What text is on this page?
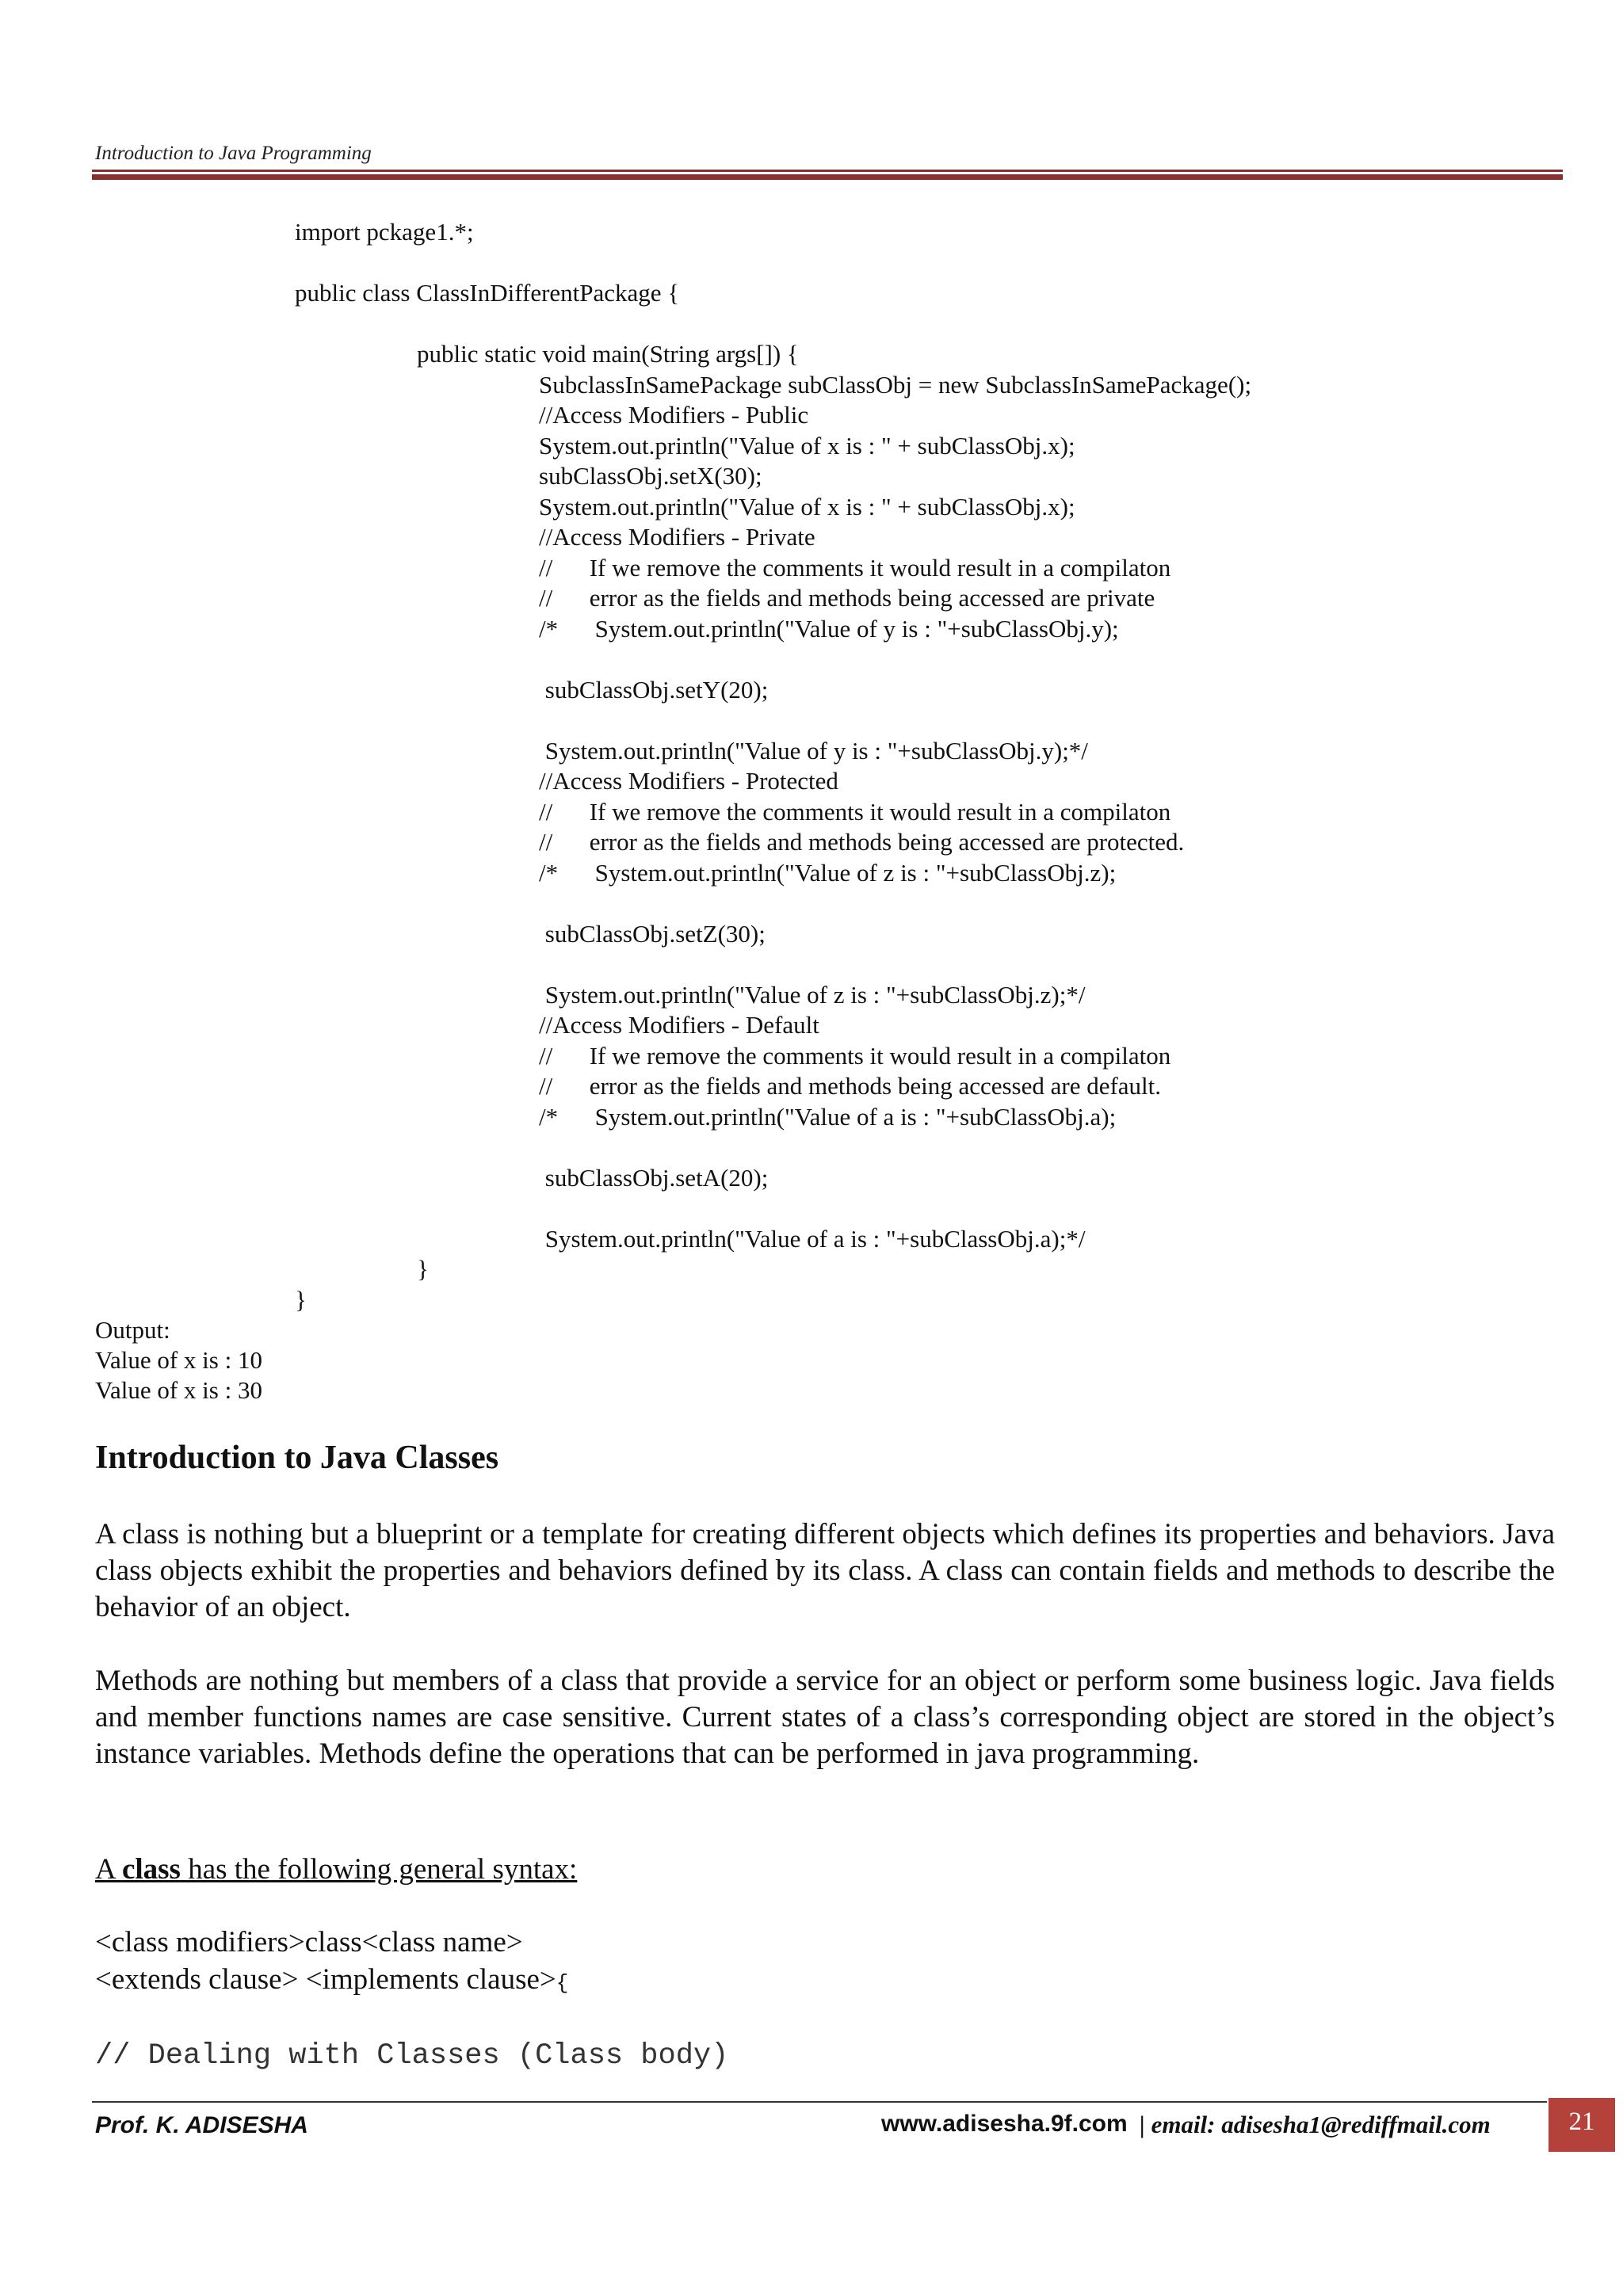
Introduction to Java Programming
import pckage1.*;
public class ClassInDifferentPackage {
public static void main(String args[]) {
SubclassInSamePackage subClassObj = new SubclassInSamePackage();
//Access Modifiers - Public
System.out.println("Value of x is : " + subClassObj.x);
subClassObj.setX(30);
System.out.println("Value of x is : " + subClassObj.x);
//Access Modifiers - Private
//      If we remove the comments it would result in a compilaton
//      error as the fields and methods being accessed are private
/*      System.out.println("Value of y is : "+subClassObj.y);
subClassObj.setY(20);
System.out.println("Value of y is : "+subClassObj.y);*/
//Access Modifiers - Protected
//      If we remove the comments it would result in a compilaton
//      error as the fields and methods being accessed are protected.
/*      System.out.println("Value of z is : "+subClassObj.z);
subClassObj.setZ(30);
System.out.println("Value of z is : "+subClassObj.z);*/
//Access Modifiers - Default
//      If we remove the comments it would result in a compilaton
//      error as the fields and methods being accessed are default.
/*      System.out.println("Value of a is : "+subClassObj.a);
subClassObj.setA(20);
System.out.println("Value of a is : "+subClassObj.a);*/
}
}
Output:
Value of x is : 10
Value of x is : 30
Introduction to Java Classes

A class is nothing but a blueprint or a template for creating different objects which defines its properties and behaviors. Java class objects exhibit the properties and behaviors defined by its class. A class can contain fields and methods to describe the behavior of an object.

Methods are nothing but members of a class that provide a service for an object or perform some business logic. Java fields and member functions names are case sensitive. Current states of a class’s corresponding object are stored in the object’s instance variables. Methods define the operations that can be performed in java programming.

A class has the following general syntax:
<class modifiers>class<class name>
<extends clause> <implements clause>{
// Dealing with Classes (Class body)
Prof. K. ADISESHA	www.adisesha.9f.com | email: adisesha1@rediffmail.com	21
